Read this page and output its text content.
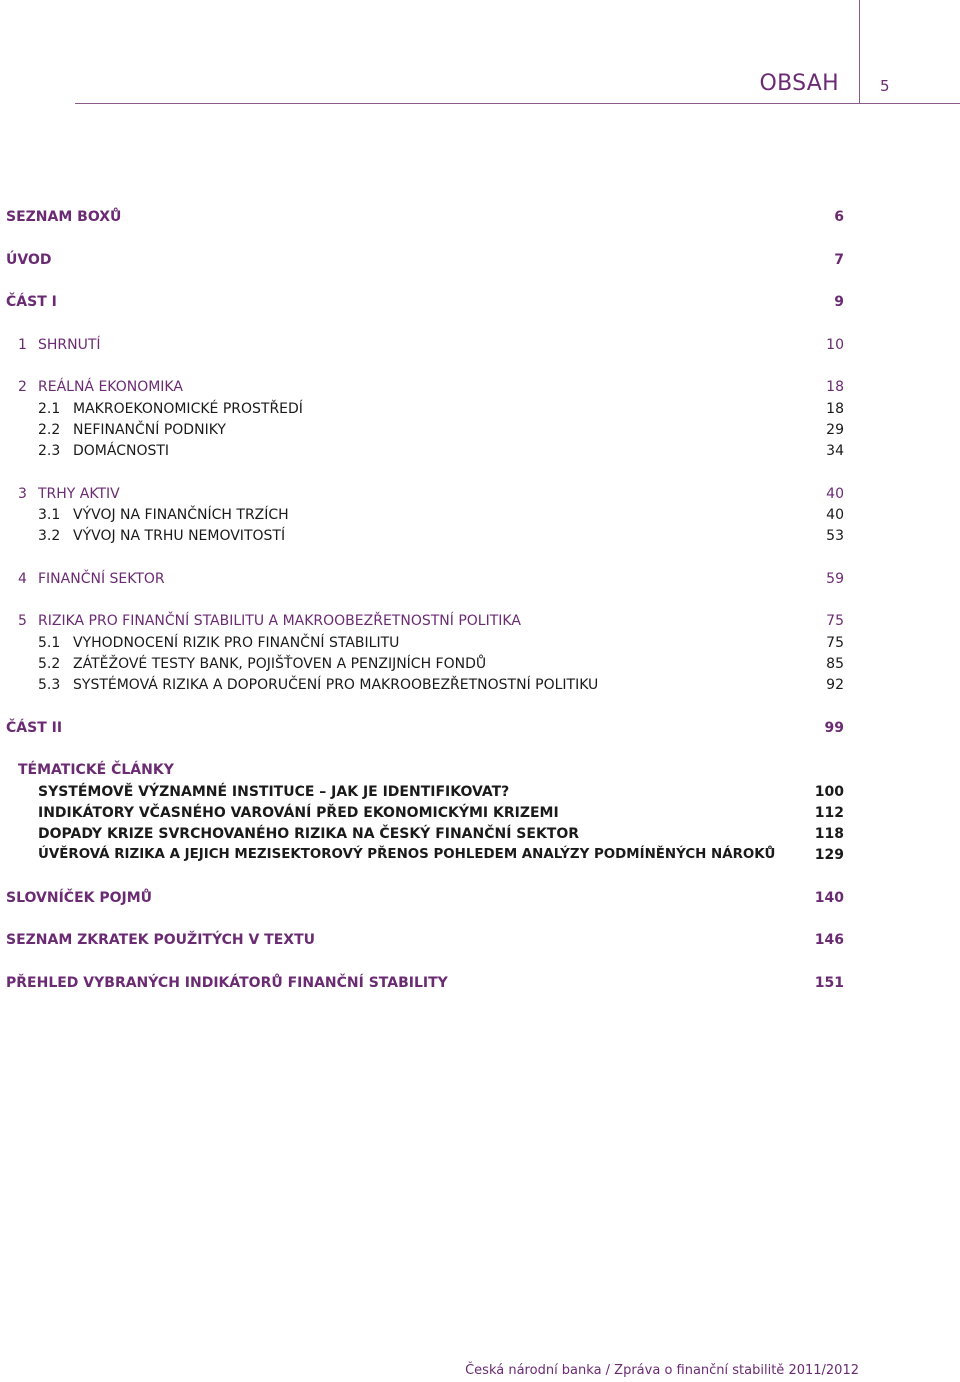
OBSAH	5
SEZNAM BOXŮ	6
ÚVOD	7
ČÁST I	9
1 SHRNUTÍ	10
2 REÁLNÁ EKONOMIKA	18
2.1 MAKROEKONOMICKÉ PROSTŘEDÍ	18
2.2 NEFINANČNÍ PODNIKY	29
2.3 DOMÁCNOSTI	34
3 TRHY AKTIV	40
3.1 VÝVOJ NA FINANČNÍCH TRZÍCH	40
3.2 VÝVOJ NA TRHU NEMOVITOSTÍ	53
4 FINANČNÍ SEKTOR	59
5 RIZIKA PRO FINANČNÍ STABILITU A MAKROOBEZŘETNOSTNÍ POLITIKA	75
5.1 VYHODNOCENÍ RIZIK PRO FINANČNÍ STABILITU	75
5.2 ZÁTĚŽOVÉ TESTY BANK, POJIŠŤOVEN A PENZIJNÍCH FONDŮ	85
5.3 SYSTÉMOVÁ RIZIKA A DOPORUČENÍ PRO MAKROOBEZŘETNOSTNÍ POLITIKU	92
ČÁST II	99
TÉMATICKÉ ČLÁNKY
SYSTÉMOVĚ VÝZNAMNÉ INSTITUCE – JAK JE IDENTIFIKOVAT?	100
INDIKÁTORY VČASNÉHO VAROVÁNÍ PŘED EKONOMICKÝMI KRIZEMI	112
DOPADY KRIZE SVRCHOVANÉHO RIZIKA NA ČESKÝ FINANČNÍ SEKTOR	118
ÚVĚROVÁ RIZIKA A JEJICH MEZISEKTOROVÝ PŘENOS POHLEDEM ANALÝZY PODMÍNĚNÝCH NÁROKŮ	129
SLOVNÍČEK POJMŮ	140
SEZNAM ZKRATEK POUŽITÝCH V TEXTU	146
PŘEHLED VYBRANÝCH INDIKÁTORŮ FINANČNÍ STABILITY	151
Česká národní banka / Zpráva o finanční stabilitě 2011/2012
